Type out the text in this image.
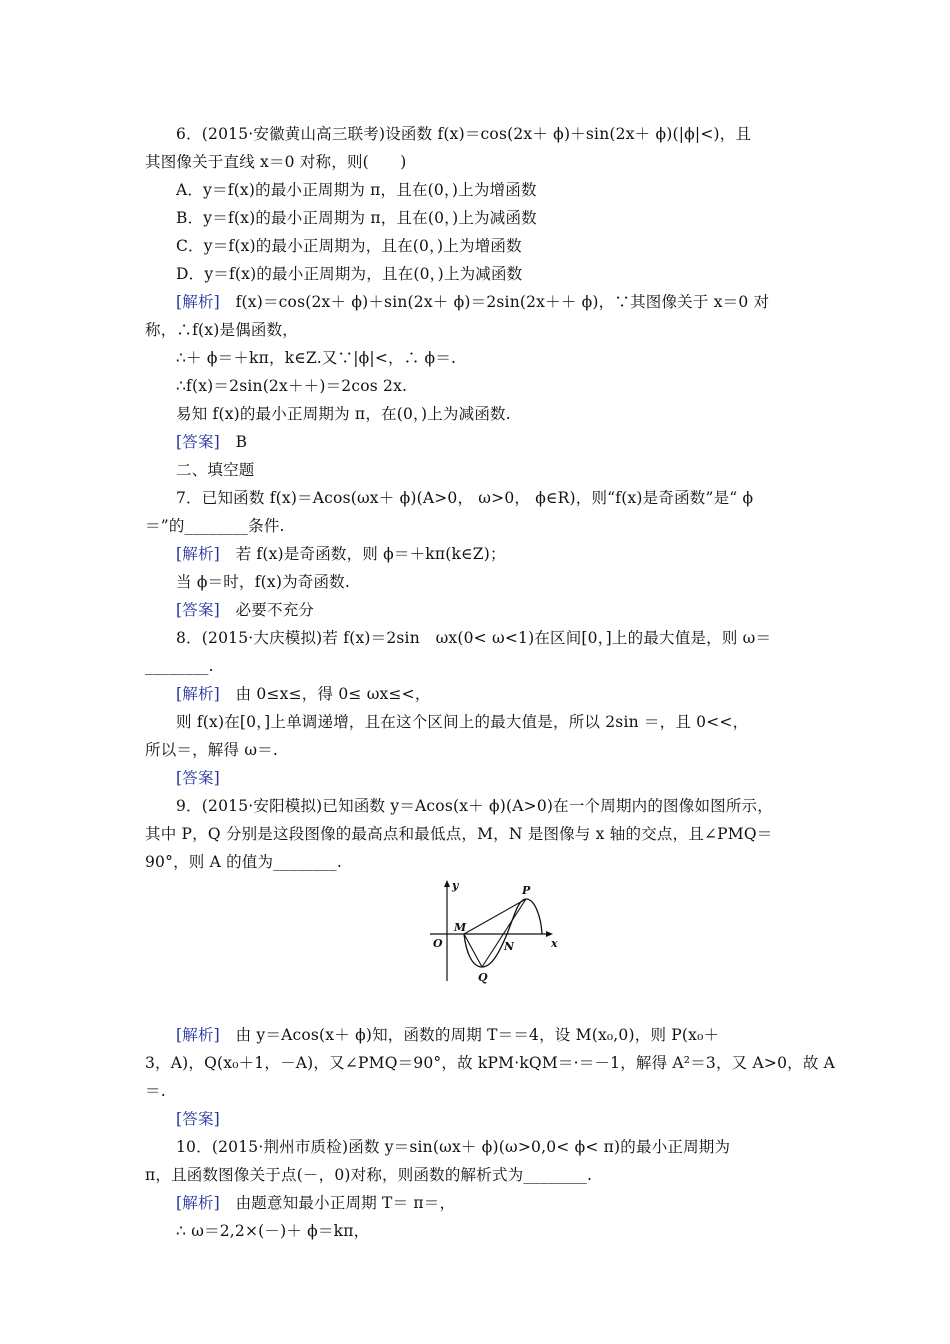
6．(2015·安徽黄山高三联考)设函数 f(x)＝cos(2x＋ ϕ)＋sin(2x＋ ϕ)(|ϕ|<)，且
其图像关于直线 x＝0 对称，则(　　)
A．y＝f(x)的最小正周期为 π，且在(0，)上为增函数
B．y＝f(x)的最小正周期为 π，且在(0，)上为减函数
C．y＝f(x)的最小正周期为，且在(0，)上为增函数
D．y＝f(x)的最小正周期为，且在(0，)上为减函数
[解析]　f(x)＝cos(2x＋ ϕ)＋sin(2x＋ ϕ)＝2sin(2x＋＋ ϕ)，∵其图像关于 x＝0 对
称，∴f(x)是偶函数，
∴＋ ϕ＝＋kπ，k∈Z.又∵|ϕ|<，∴ ϕ＝.
∴f(x)＝2sin(2x＋＋)＝2cos 2x.
易知 f(x)的最小正周期为 π，在(0，)上为减函数.
[答案]　B
二、填空题
7．已知函数 f(x)＝Acos(ωx＋ ϕ)(A>0， ω>0， ϕ∈R)，则“f(x)是奇函数”是“ ϕ
＝”的________条件.
[解析]　若 f(x)是奇函数，则 ϕ＝＋kπ(k∈Z)；
当 ϕ＝时，f(x)为奇函数.
[答案]　必要不充分
8．(2015·大庆模拟)若 f(x)＝2sin　ωx(0< ω<1)在区间[0，]上的最大值是，则 ω＝
________.
[解析]　由 0≤x≤，得 0≤ ωx≤<，
则 f(x)在[0，]上单调递增，且在这个区间上的最大值是，所以 2sin ＝，且 0<<，
所以＝，解得 ω＝.
[答案]
9．(2015·安阳模拟)已知函数 y＝Acos(x＋ ϕ)(A>0)在一个周期内的图像如图所示，
其中 P，Q 分别是这段图像的最高点和最低点，M，N 是图像与 x 轴的交点，且∠PMQ＝
90°，则 A 的值为________.
[解析]　由 y＝Acos(x＋ ϕ)知，函数的周期 T＝＝4，设 M(x₀,0)，则 P(x₀＋
3，A)，Q(x₀＋1，－A)，又∠PMQ＝90°，故 kPM·kQM＝·＝－1，解得 A²＝3，又 A>0，故 A
＝.
[答案]
10．(2015·荆州市质检)函数 y＝sin(ωx＋ ϕ)(ω>0,0< ϕ< π)的最小正周期为
π，且函数图像关于点(－，0)对称，则函数的解析式为________.
[解析]　由题意知最小正周期 T＝ π＝，
∴ ω＝2,2×(－)＋ ϕ＝kπ，
y
x
O
M
N
P
Q
